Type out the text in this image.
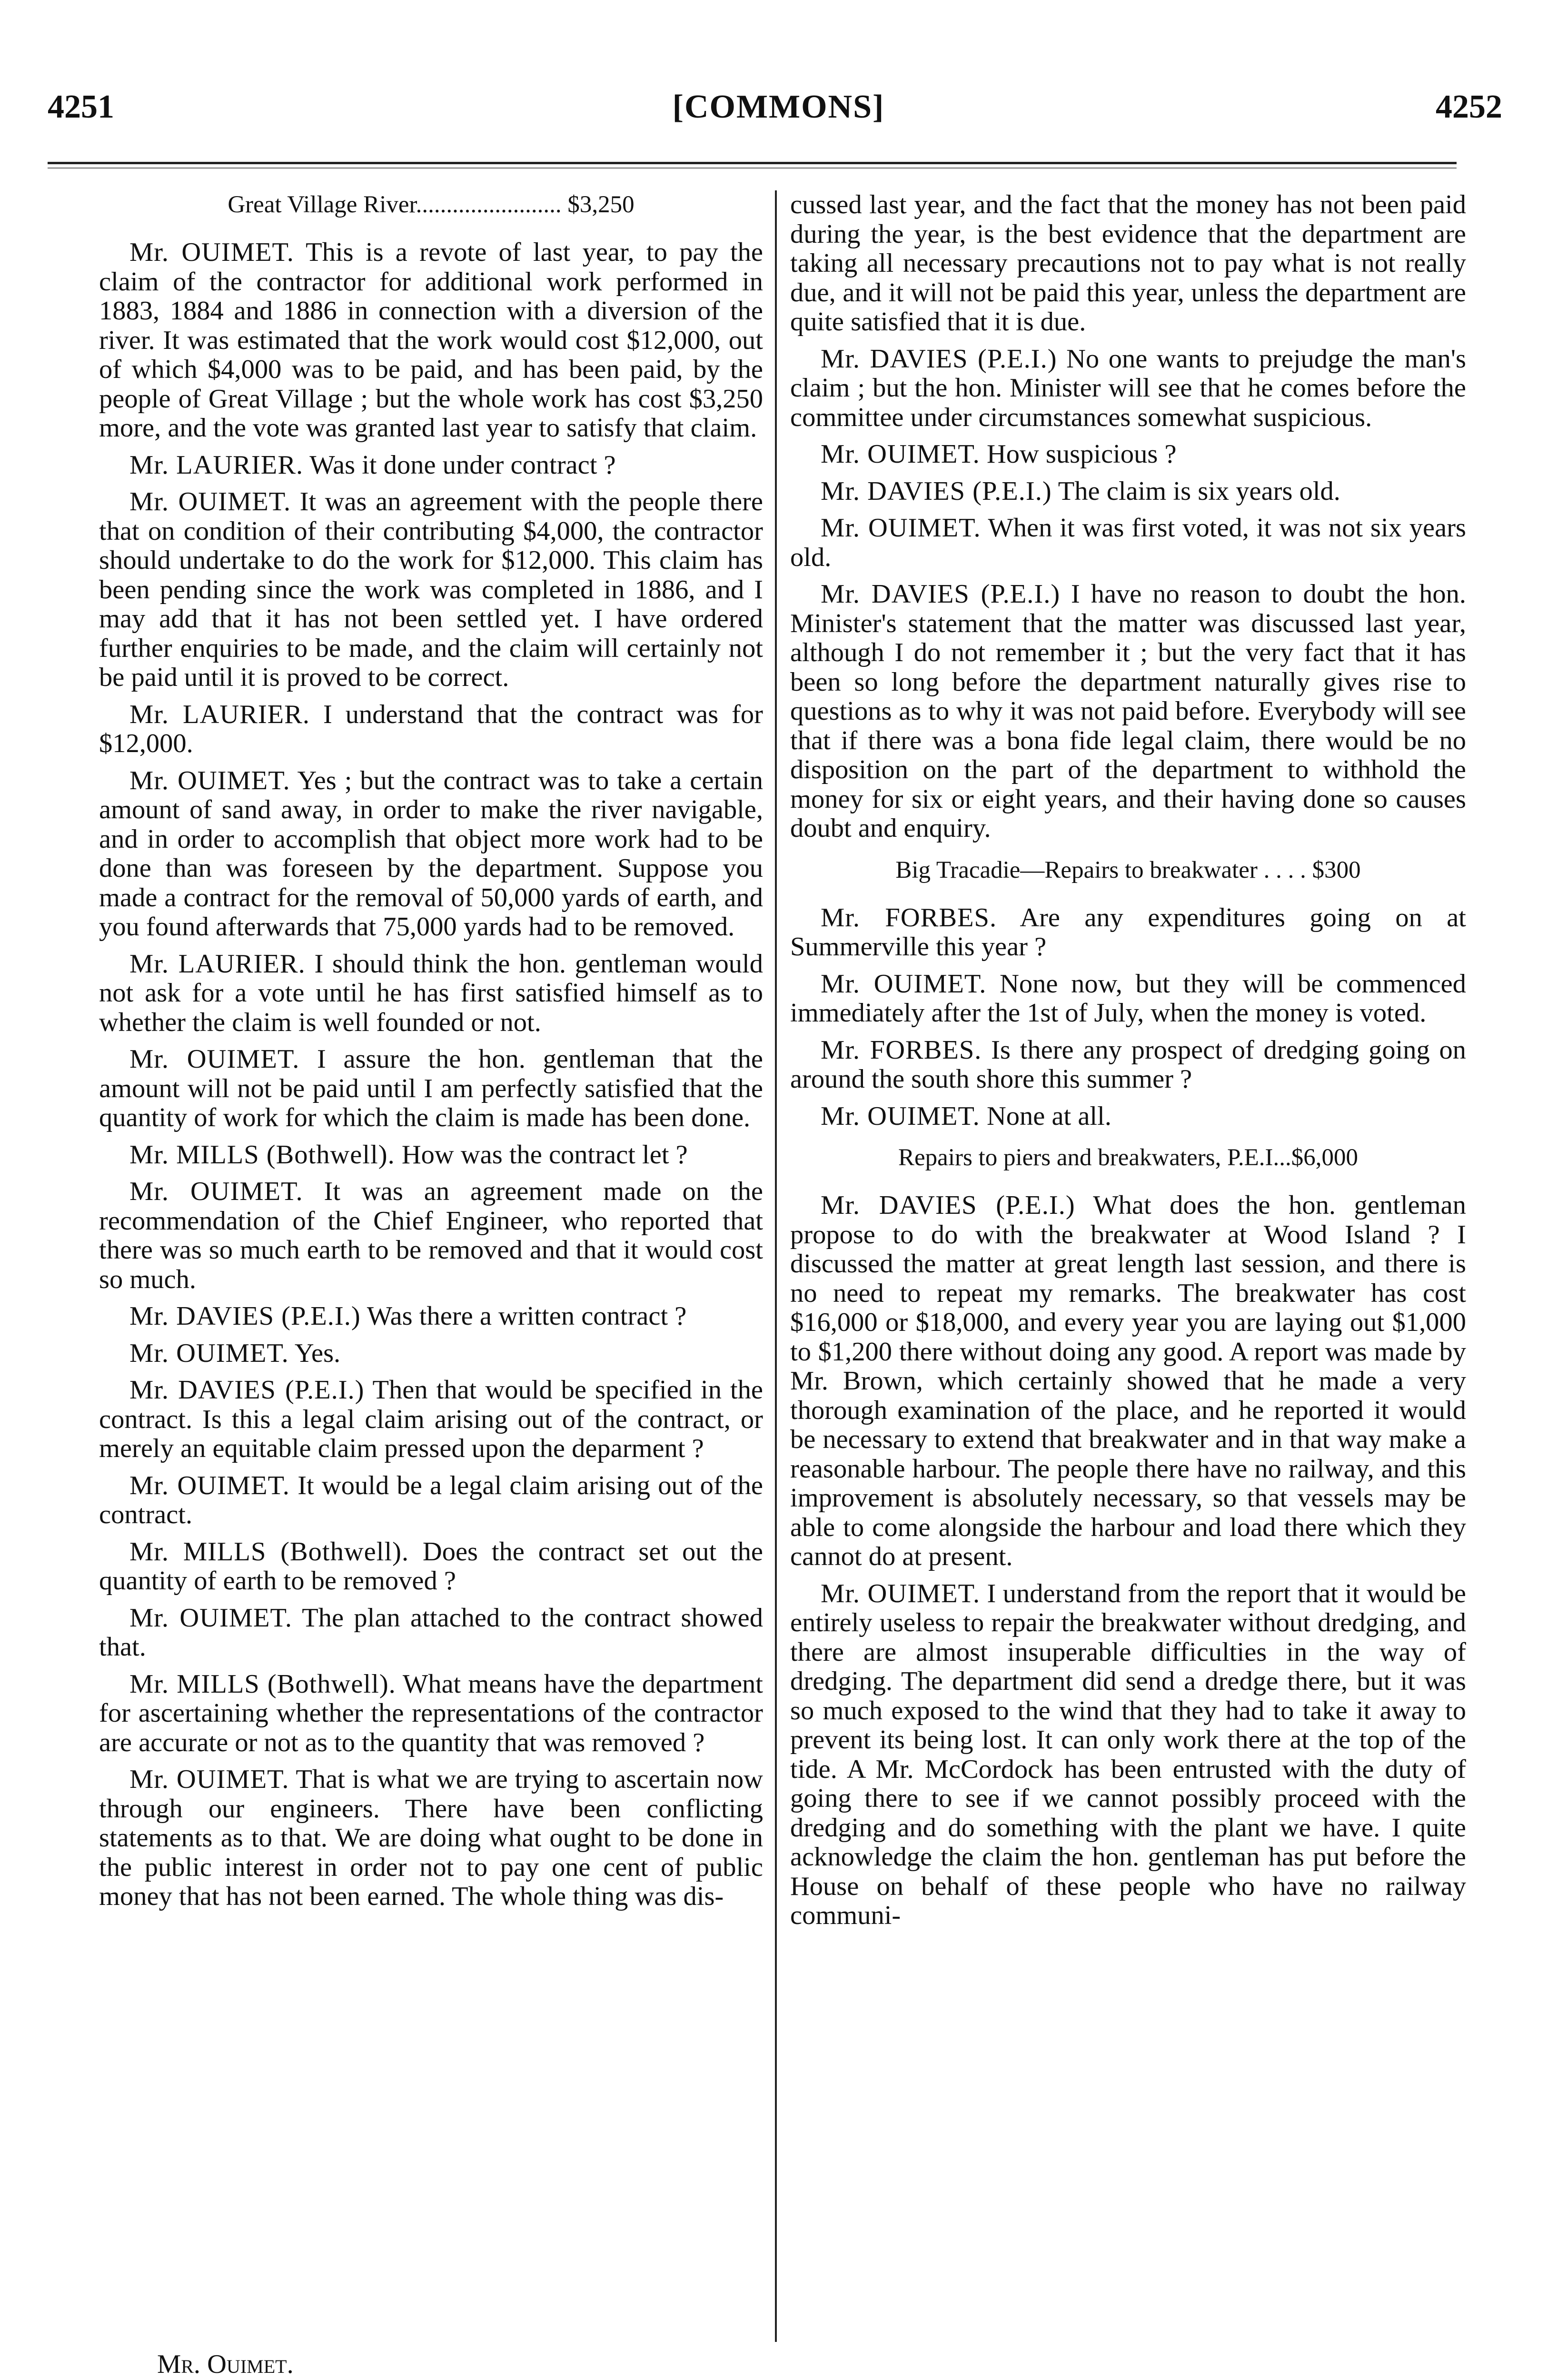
4251	[COMMONS]	4252
Great Village River........................ $3,250

Mr. OUIMET. This is a revote of last year, to pay the claim of the contractor for additional work performed in 1883, 1884 and 1886 in connection with a diversion of the river. It was estimated that the work would cost $12,000, out of which $4,000 was to be paid, and has been paid, by the people of Great Village ; but the whole work has cost $3,250 more, and the vote was granted last year to satisfy that claim.

Mr. LAURIER. Was it done under contract ?

Mr. OUIMET. It was an agreement with the people there that on condition of their contributing $4,000, the contractor should undertake to do the work for $12,000. This claim has been pending since the work was completed in 1886, and I may add that it has not been settled yet. I have ordered further enquiries to be made, and the claim will certainly not be paid until it is proved to be correct.

Mr. LAURIER. I understand that the contract was for $12,000.

Mr. OUIMET. Yes ; but the contract was to take a certain amount of sand away, in order to make the river navigable, and in order to accomplish that object more work had to be done than was foreseen by the department. Suppose you made a contract for the removal of 50,000 yards of earth, and you found afterwards that 75,000 yards had to be removed.

Mr. LAURIER. I should think the hon. gentleman would not ask for a vote until he has first satisfied himself as to whether the claim is well founded or not.

Mr. OUIMET. I assure the hon. gentleman that the amount will not be paid until I am perfectly satisfied that the quantity of work for which the claim is made has been done.

Mr. MILLS (Bothwell). How was the contract let ?

Mr. OUIMET. It was an agreement made on the recommendation of the Chief Engineer, who reported that there was so much earth to be removed and that it would cost so much.

Mr. DAVIES (P.E.I.) Was there a written contract ?

Mr. OUIMET. Yes.

Mr. DAVIES (P.E.I.) Then that would be specified in the contract. Is this a legal claim arising out of the contract, or merely an equitable claim pressed upon the deparment ?

Mr. OUIMET. It would be a legal claim arising out of the contract.

Mr. MILLS (Bothwell). Does the contract set out the quantity of earth to be removed ?

Mr. OUIMET. The plan attached to the contract showed that.

Mr. MILLS (Bothwell). What means have the department for ascertaining whether the representations of the contractor are accurate or not as to the quantity that was removed ?

Mr. OUIMET. That is what we are trying to ascertain now through our engineers. There have been conflicting statements as to that. We are doing what ought to be done in the public interest in order not to pay one cent of public money that has not been earned. The whole thing was dis-

cussed last year, and the fact that the money has not been paid during the year, is the best evidence that the department are taking all necessary precautions not to pay what is not really due, and it will not be paid this year, unless the department are quite satisfied that it is due.

Mr. DAVIES (P.E.I.) No one wants to prejudge the man's claim ; but the hon. Minister will see that he comes before the committee under circumstances somewhat suspicious.

Mr. OUIMET. How suspicious ?

Mr. DAVIES (P.E.I.) The claim is six years old.

Mr. OUIMET. When it was first voted, it was not six years old.

Mr. DAVIES (P.E.I.) I have no reason to doubt the hon. Minister's statement that the matter was discussed last year, although I do not remember it ; but the very fact that it has been so long before the department naturally gives rise to questions as to why it was not paid before. Everybody will see that if there was a bona fide legal claim, there would be no disposition on the part of the department to withhold the money for six or eight years, and their having done so causes doubt and enquiry.

Big Tracadie—Repairs to breakwater . . . . $300

Mr. FORBES. Are any expenditures going on at Summerville this year ?

Mr. OUIMET. None now, but they will be commenced immediately after the 1st of July, when the money is voted.

Mr. FORBES. Is there any prospect of dredging going on around the south shore this summer ?

Mr. OUIMET. None at all.

Repairs to piers and breakwaters, P.E.I...$6,000

Mr. DAVIES (P.E.I.) What does the hon. gentleman propose to do with the breakwater at Wood Island ? I discussed the matter at great length last session, and there is no need to repeat my remarks. The breakwater has cost $16,000 or $18,000, and every year you are laying out $1,000 to $1,200 there without doing any good. A report was made by Mr. Brown, which certainly showed that he made a very thorough examination of the place, and he reported it would be necessary to extend that breakwater and in that way make a reasonable harbour. The people there have no railway, and this improvement is absolutely necessary, so that vessels may be able to come alongside the harbour and load there which they cannot do at present.

Mr. OUIMET. I understand from the report that it would be entirely useless to repair the breakwater without dredging, and there are almost insuperable difficulties in the way of dredging. The department did send a dredge there, but it was so much exposed to the wind that they had to take it away to prevent its being lost. It can only work there at the top of the tide. A Mr. McCordock has been entrusted with the duty of going there to see if we cannot possibly proceed with the dredging and do something with the plant we have. I quite acknowledge the claim the hon. gentleman has put before the House on behalf of these people who have no railway communi-

Mr. Ouimet.
